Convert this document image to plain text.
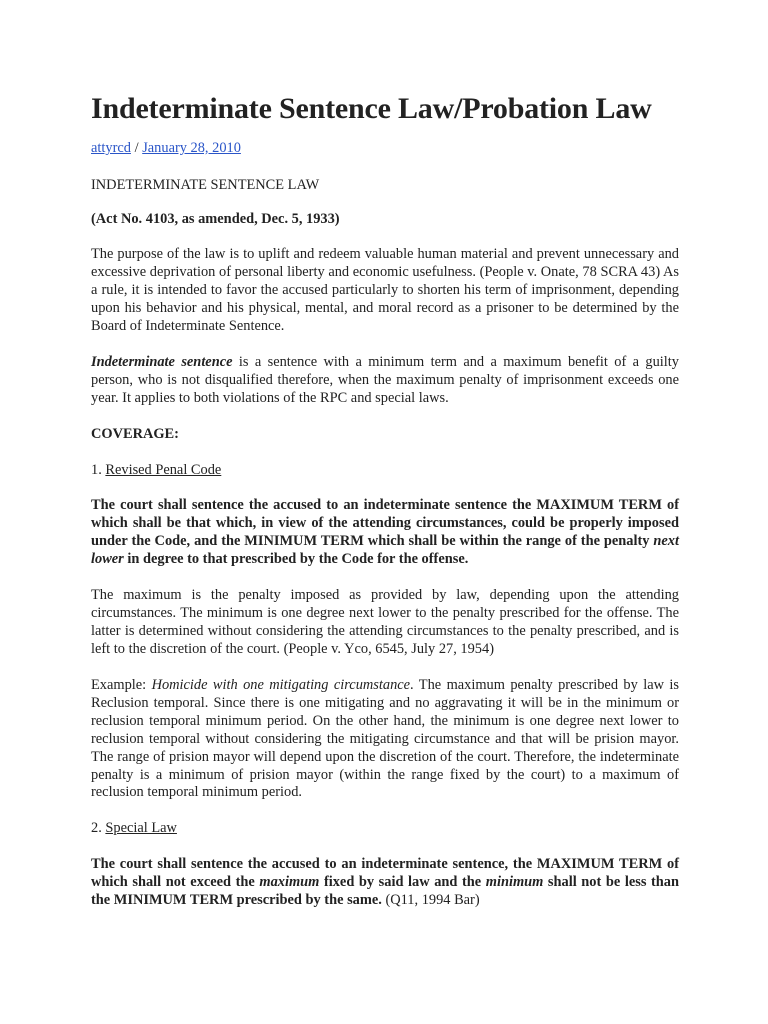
Indeterminate Sentence Law/Probation Law
attyrcd / January 28, 2010

INDETERMINATE SENTENCE LAW

(Act No. 4103, as amended, Dec. 5, 1933)

The purpose of the law is to uplift and redeem valuable human material and prevent unnecessary and excessive deprivation of personal liberty and economic usefulness. (People v. Onate, 78 SCRA 43) As a rule, it is intended to favor the accused particularly to shorten his term of imprisonment, depending upon his behavior and his physical, mental, and moral record as a prisoner to be determined by the Board of Indeterminate Sentence.

Indeterminate sentence is a sentence with a minimum term and a maximum benefit of a guilty person, who is not disqualified therefore, when the maximum penalty of imprisonment exceeds one year. It applies to both violations of the RPC and special laws.

COVERAGE:

1. Revised Penal Code

The court shall sentence the accused to an indeterminate sentence the MAXIMUM TERM of which shall be that which, in view of the attending circumstances, could be properly imposed under the Code, and the MINIMUM TERM which shall be within the range of the penalty next lower in degree to that prescribed by the Code for the offense.

The maximum is the penalty imposed as provided by law, depending upon the attending circumstances. The minimum is one degree next lower to the penalty prescribed for the offense. The latter is determined without considering the attending circumstances to the penalty prescribed, and is left to the discretion of the court. (People v. Yco, 6545, July 27, 1954)

Example: Homicide with one mitigating circumstance. The maximum penalty prescribed by law is Reclusion temporal. Since there is one mitigating and no aggravating it will be in the minimum or reclusion temporal minimum period. On the other hand, the minimum is one degree next lower to reclusion temporal without considering the mitigating circumstance and that will be prision mayor. The range of prision mayor will depend upon the discretion of the court. Therefore, the indeterminate penalty is a minimum of prision mayor (within the range fixed by the court) to a maximum of reclusion temporal minimum period.

2. Special Law

The court shall sentence the accused to an indeterminate sentence, the MAXIMUM TERM of which shall not exceed the maximum fixed by said law and the minimum shall not be less than the MINIMUM TERM prescribed by the same. (Q11, 1994 Bar)
